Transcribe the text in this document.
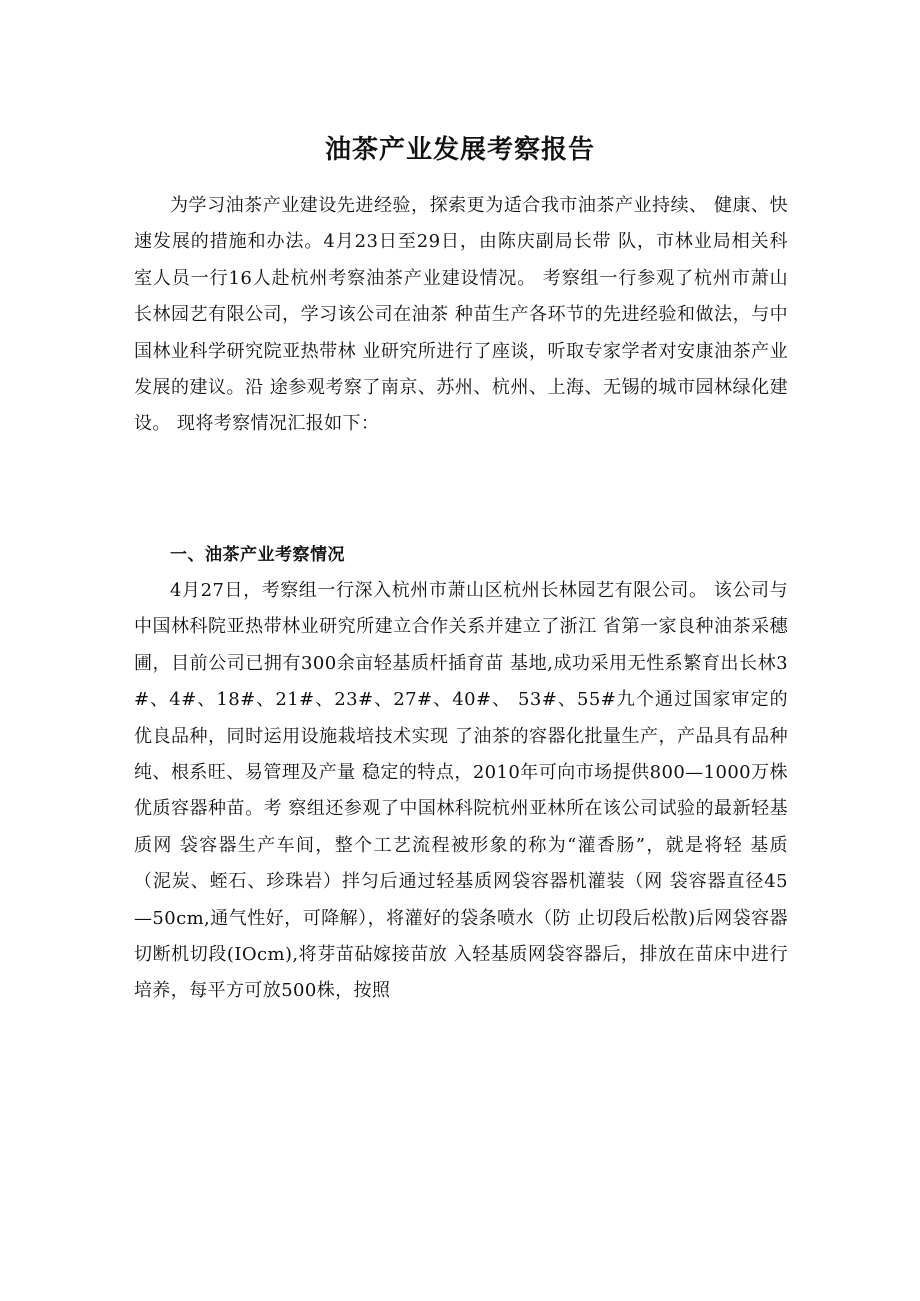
油茶产业发展考察报告

为学习油茶产业建设先进经验，探索更为适合我市油茶产业持续、 健康、快速发展的措施和办法。4月23日至29日，由陈庆副局长带 队，市林业局相关科室人员一行16人赴杭州考察油茶产业建设情况。 考察组一行参观了杭州市萧山长林园艺有限公司，学习该公司在油茶 种苗生产各环节的先进经验和做法，与中国林业科学研究院亚热带林 业研究所进行了座谈，听取专家学者对安康油茶产业发展的建议。沿 途参观考察了南京、苏州、杭州、上海、无锡的城市园林绿化建设。 现将考察情况汇报如下：

一、油茶产业考察情况

4月27日，考察组一行深入杭州市萧山区杭州长林园艺有限公司。 该公司与中国林科院亚热带林业研究所建立合作关系并建立了浙江 省第一家良种油茶采穗圃，目前公司已拥有300余亩轻基质杆插育苗 基地,成功采用无性系繁育出长林3#、4#、18#、21#、23#、27#、40#、 53#、55#九个通过国家审定的优良品种，同时运用设施栽培技术实现 了油茶的容器化批量生产，产品具有品种纯、根系旺、易管理及产量 稳定的特点，2010年可向市场提供800—1000万株优质容器种苗。考 察组还参观了中国林科院杭州亚林所在该公司试验的最新轻基质网 袋容器生产车间，整个工艺流程被形象的称为“灌香肠”，就是将轻 基质（泥炭、蛭石、珍珠岩）拌匀后通过轻基质网袋容器机灌装（网 袋容器直径45—50cm,通气性好，可降解），将灌好的袋条喷水（防 止切段后松散)后网袋容器切断机切段(IOcm),将芽苗砧嫁接苗放 入轻基质网袋容器后，排放在苗床中进行培养，每平方可放500株，按照
